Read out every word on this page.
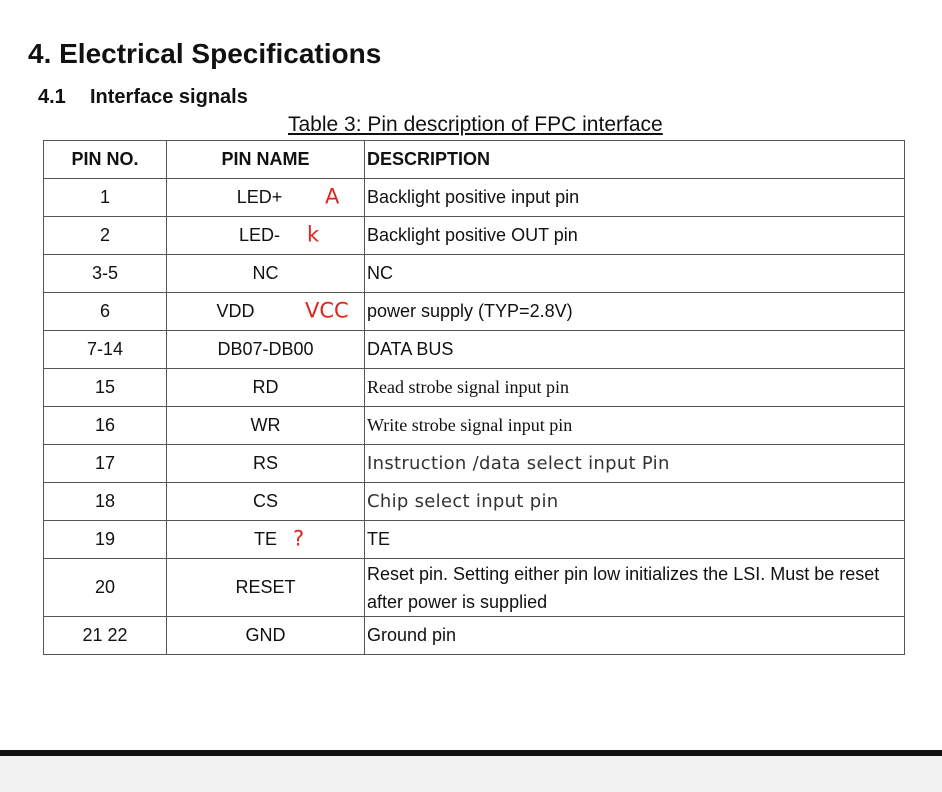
4. Electrical Specifications
4.1 Interface signals
Table 3: Pin description of FPC interface
PIN NO.	PIN NAME	DESCRIPTION
1	LED+ A	Backlight positive input pin
2	LED- k	Backlight positive OUT pin
3-5	NC	NC
6	VDD VCC	power supply (TYP=2.8V)
7-14	DB07-DB00	DATA BUS
15	RD	Read strobe signal input pin
16	WR	Write strobe signal input pin
17	RS	Instruction /data select input Pin
18	CS	Chip select input pin
19	TE ?	TE
20	RESET	Reset pin. Setting either pin low initializes the LSI. Must be reset after power is supplied
21 22	GND	Ground pin
